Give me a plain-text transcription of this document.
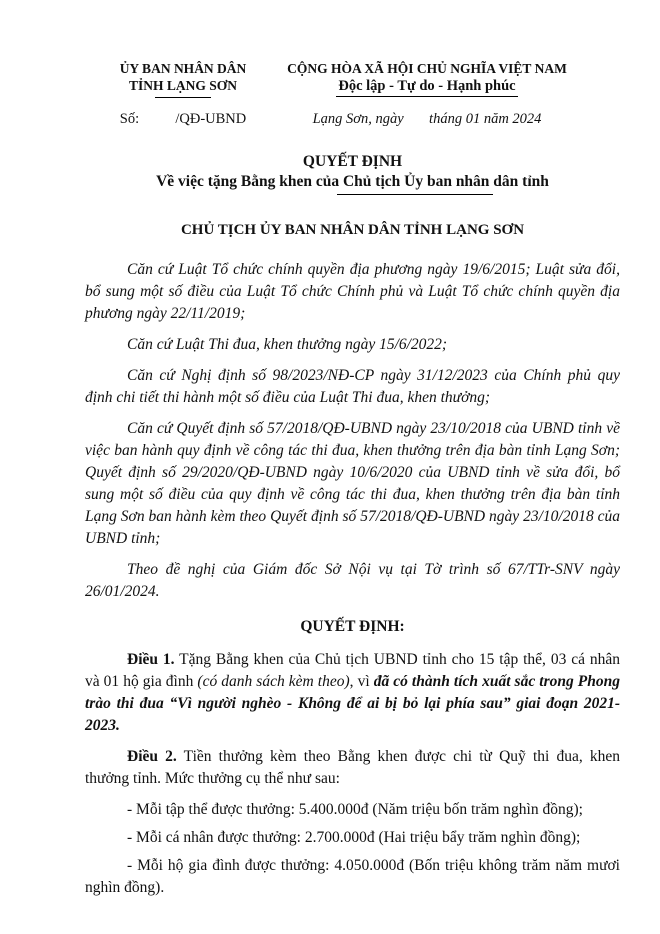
ỦY BAN NHÂN DÂN
TỈNH LẠNG SƠN
CỘNG HÒA XÃ HỘI CHỦ NGHĨA VIỆT NAM
Độc lập - Tự do - Hạnh phúc
Số:          /QĐ-UBND	Lạng Sơn, ngày       tháng 01 năm 2024
QUYẾT ĐỊNH
Về việc tặng Bằng khen của Chủ tịch Ủy ban nhân dân tỉnh
CHỦ TỊCH ỦY BAN NHÂN DÂN TỈNH LẠNG SƠN

Căn cứ Luật Tổ chức chính quyền địa phương ngày 19/6/2015; Luật sửa đổi, bổ sung một số điều của Luật Tổ chức Chính phủ và Luật Tổ chức chính quyền địa phương ngày 22/11/2019;

Căn cứ Luật Thi đua, khen thưởng ngày 15/6/2022;

Căn cứ Nghị định số 98/2023/NĐ-CP ngày 31/12/2023 của Chính phủ quy định chi tiết thi hành một số điều của Luật Thi đua, khen thưởng;

Căn cứ Quyết định số 57/2018/QĐ-UBND ngày 23/10/2018 của UBND tỉnh về việc ban hành quy định về công tác thi đua, khen thưởng trên địa bàn tỉnh Lạng Sơn; Quyết định số 29/2020/QĐ-UBND ngày 10/6/2020 của UBND tỉnh về sửa đổi, bổ sung một số điều của quy định về công tác thi đua, khen thưởng trên địa bàn tỉnh Lạng Sơn ban hành kèm theo Quyết định số 57/2018/QĐ-UBND ngày 23/10/2018 của UBND tỉnh;

Theo đề nghị của Giám đốc Sở Nội vụ tại Tờ trình số 67/TTr-SNV ngày 26/01/2024.

QUYẾT ĐỊNH:

Điều 1. Tặng Bằng khen của Chủ tịch UBND tỉnh cho 15 tập thể, 03 cá nhân và 01 hộ gia đình (có danh sách kèm theo), vì đã có thành tích xuất sắc trong Phong trào thi đua “Vì người nghèo - Không để ai bị bỏ lại phía sau” giai đoạn 2021-2023.

Điều 2. Tiền thưởng kèm theo Bằng khen được chi từ Quỹ thi đua, khen thưởng tỉnh. Mức thưởng cụ thể như sau:

- Mỗi tập thể được thưởng: 5.400.000đ (Năm triệu bốn trăm nghìn đồng);

- Mỗi cá nhân được thưởng: 2.700.000đ (Hai triệu bẩy trăm nghìn đồng);

- Mỗi hộ gia đình được thưởng: 4.050.000đ (Bốn triệu không trăm năm mươi nghìn đồng).
